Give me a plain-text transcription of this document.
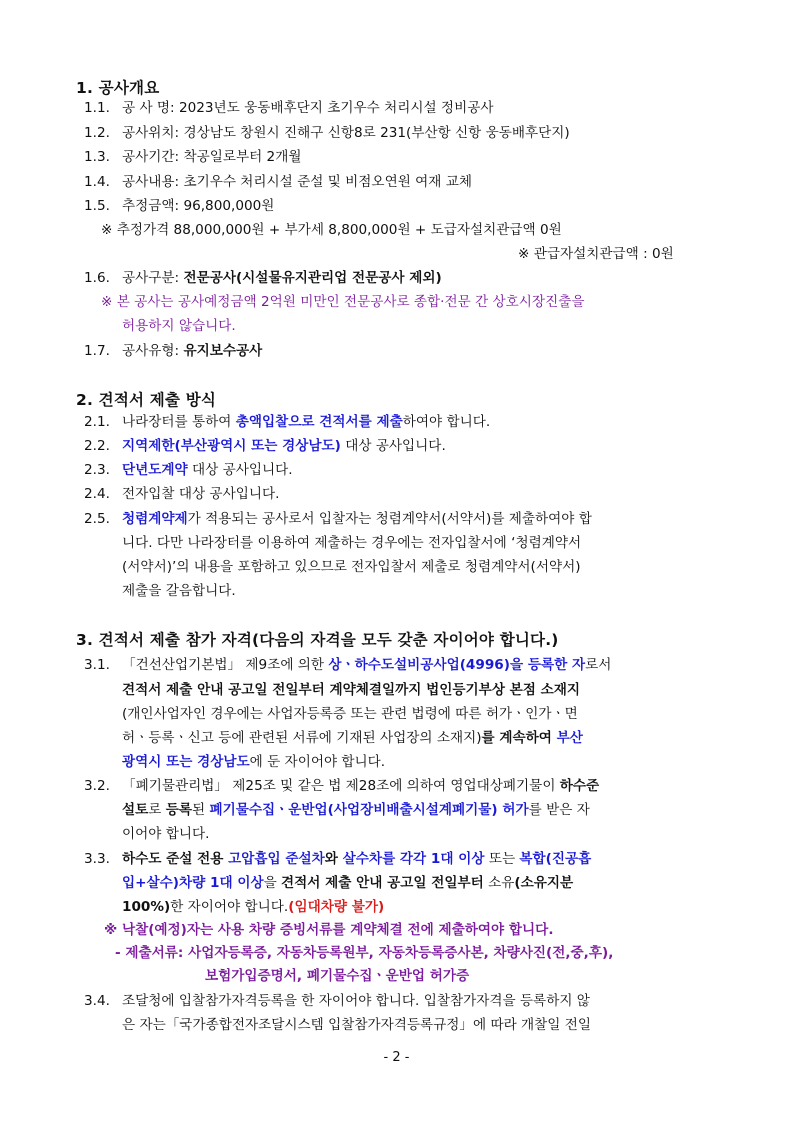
1. 공사개요
1.1. 공 사 명: 2023년도 웅동배후단지 초기우수 처리시설 정비공사
1.2. 공사위치: 경상남도 창원시 진해구 신항8로 231(부산항 신항 웅동배후단지)
1.3. 공사기간: 착공일로부터 2개월
1.4. 공사내용: 초기우수 처리시설 준설 및 비점오연원 여재 교체
1.5. 추정금액: 96,800,000원
※ 추정가격 88,000,000원 + 부가세 8,800,000원 + 도급자설치관급액 0원
※ 관급자설치관급액 : 0원
1.6. 공사구분: 전문공사(시설물유지관리업 전문공사 제외)
※ 본 공사는 공사예정금액 2억원 미만인 전문공사로 종합·전문 간 상호시장진출을
허용하지 않습니다.
1.7. 공사유형: 유지보수공사
2. 견적서 제출 방식
2.1. 나라장터를 통하여 총액입찰으로 견적서를 제출하여야 합니다.
2.2. 지역제한(부산광역시 또는 경상남도) 대상 공사입니다.
2.3. 단년도계약 대상 공사입니다.
2.4. 전자입찰 대상 공사입니다.
2.5. 청렴계약제가 적용되는 공사로서 입찰자는 청렴계약서(서약서)를 제출하여야 합
니다. 다만 나라장터를 이용하여 제출하는 경우에는 전자입찰서에 ‘청렴계약서
(서약서)’의 내용을 포함하고 있으므로 전자입찰서 제출로 청렴계약서(서약서)
제출을 갈음합니다.
3. 견적서 제출 참가 자격(다음의 자격을 모두 갖춘 자이어야 합니다.)
3.1. 「건선산업기본법」 제9조에 의한 상ㆍ하수도설비공사업(4996)을 등록한 자로서
견적서 제출 안내 공고일 전일부터 계약체결일까지 법인등기부상 본점 소재지
(개인사업자인 경우에는 사업자등록증 또는 관련 법령에 따른 허가ㆍ인가ㆍ면
허ㆍ등록ㆍ신고 등에 관련된 서류에 기재된 사업장의 소재지)를 계속하여 부산
광역시 또는 경상남도에 둔 자이어야 합니다.
3.2. 「폐기물관리법」 제25조 및 같은 법 제28조에 의하여 영업대상폐기물이 하수준
설토로 등록된 폐기물수집ㆍ운반업(사업장비배출시설계폐기물) 허가를 받은 자
이어야 합니다.
3.3. 하수도 준설 전용 고압흡입 준설차와 살수차를 각각 1대 이상 또는 복합(진공흡
입+살수)차량 1대 이상을 견적서 제출 안내 공고일 전일부터 소유(소유지분
100%)한 자이어야 합니다.(임대차량 불가)
※ 낙찰(예정)자는 사용 차량 증빙서류를 계약체결 전에 제출하여야 합니다.
- 제출서류: 사업자등록증, 자동차등록원부, 자동차등록증사본, 차량사진(전,중,후),
보험가입증명서, 폐기물수집ㆍ운반업 허가증
3.4. 조달청에 입찰참가자격등록을 한 자이어야 합니다. 입찰참가자격을 등록하지 않
은 자는「국가종합전자조달시스템 입찰참가자격등록규정」에 따라 개찰일 전일
- 2 -
